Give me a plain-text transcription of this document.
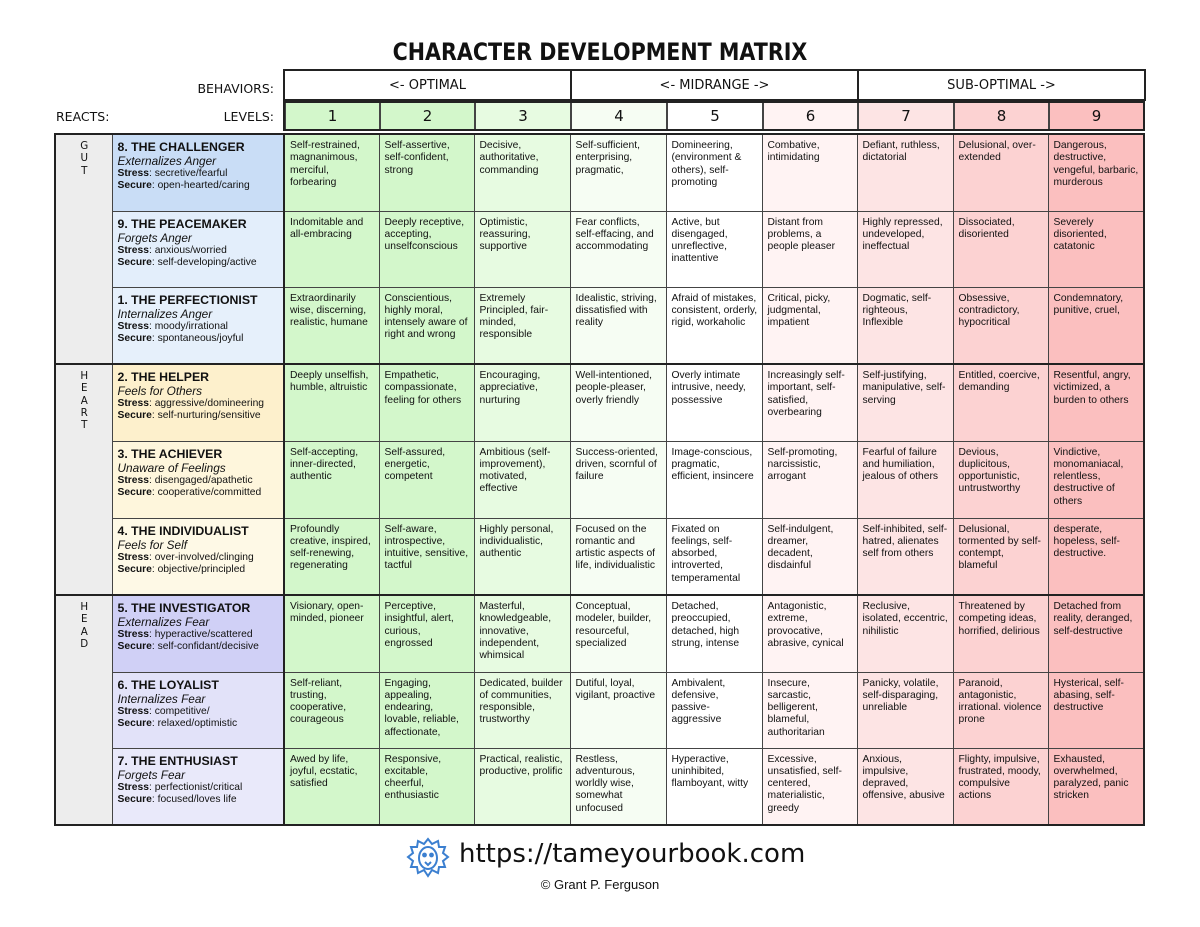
CHARACTER DEVELOPMENT MATRIX
BEHAVIORS:
LEVELS:
REACTS:
<- OPTIMAL	<- MIDRANGE ->	SUB-OPTIMAL ->
1	2	3	4	5	6	7	8	9
G
U
T	8. THE CHALLENGER
Externalizes Anger
Stress: secretive/fearful
Secure: open-hearted/caring	Self-restrained, magnanimous, merciful, forbearing	Self-assertive, self-confident, strong	Decisive, authoritative, commanding	Self-sufficient, enterprising, pragmatic,	Domineering, (environment & others), self-promoting	Combative, intimidating	Defiant, ruthless, dictatorial	Delusional, over-extended	Dangerous, destructive, vengeful, barbaric, murderous

	9. THE PEACEMAKER
Forgets Anger
Stress: anxious/worried
Secure: self-developing/active	Indomitable and all-embracing	Deeply receptive, accepting, unselfconscious	Optimistic, reassuring, supportive	Fear conflicts, self-effacing, and accommodating	Active, but disengaged, unreflective, inattentive	Distant from problems, a people pleaser	Highly repressed, undeveloped, ineffectual	Dissociated, disoriented	Severely disoriented, catatonic

	1. THE PERFECTIONIST
Internalizes Anger
Stress: moody/irrational
Secure: spontaneous/joyful	Extraordinarily wise, discerning, realistic, humane	Conscientious, highly moral, intensely aware of right and wrong	Extremely Principled, fair-minded, responsible	Idealistic, striving, dissatisfied with reality	Afraid of mistakes, consistent, orderly, rigid, workaholic	Critical, picky, judgmental, impatient	Dogmatic, self-righteous, Inflexible	Obsessive, contradictory, hypocritical	Condemnatory, punitive, cruel,

H
E
A
R
T	2. THE HELPER
Feels for Others
Stress: aggressive/domineering
Secure: self-nurturing/sensitive	Deeply unselfish, humble, altruistic	Empathetic, compassionate, feeling for others	Encouraging, appreciative, nurturing	Well-intentioned, people-pleaser, overly friendly	Overly intimate intrusive, needy, possessive	Increasingly self-important, self-satisfied, overbearing	Self-justifying, manipulative, self- serving	Entitled, coercive, demanding	Resentful, angry, victimized, a burden to others

	3. THE ACHIEVER
Unaware of Feelings
Stress: disengaged/apathetic
Secure: cooperative/committed	Self-accepting, inner-directed, authentic	Self-assured, energetic, competent	Ambitious (self-improvement), motivated, effective	Success-oriented, driven, scornful of failure	Image-conscious, pragmatic, efficient, insincere	Self-promoting, narcissistic, arrogant	Fearful of failure and humiliation, jealous of others	Devious, duplicitous, opportunistic, untrustworthy	Vindictive, monomaniacal, relentless, destructive of others

	4. THE INDIVIDUALIST
Feels for Self
Stress: over-involved/clinging
Secure: objective/principled	Profoundly creative, inspired, self-renewing, regenerating	Self-aware, introspective, intuitive, sensitive, tactful	Highly personal, individualistic, authentic	Focused on the romantic and artistic aspects of life, individualistic	Fixated on feelings, self-absorbed, introverted, temperamental	Self-indulgent, dreamer, decadent, disdainful	Self-inhibited, self- hatred, alienates self from others	Delusional, tormented by self- contempt, blameful	desperate, hopeless, self-destructive.

H
E
A
D	5. THE INVESTIGATOR
Externalizes Fear
Stress: hyperactive/scattered
Secure: self-confidant/decisive	Visionary, open-minded, pioneer	Perceptive, insightful, alert, curious, engrossed	Masterful, knowledgeable, innovative, independent, whimsical	Conceptual, modeler, builder, resourceful, specialized	Detached, preoccupied, detached, high strung, intense	Antagonistic, extreme, provocative, abrasive, cynical	Reclusive, isolated, eccentric, nihilistic	Threatened by competing ideas, horrified, delirious	Detached from reality, deranged, self-destructive

	6. THE LOYALIST
Internalizes Fear
Stress: competitive/
Secure: relaxed/optimistic	Self-reliant, trusting, cooperative, courageous	Engaging, appealing, endearing, lovable, reliable, affectionate,	Dedicated, builder of communities, responsible, trustworthy	Dutiful, loyal, vigilant, proactive	Ambivalent, defensive, passive-aggressive	Insecure, sarcastic, belligerent, blameful, authoritarian	Panicky, volatile, self-disparaging, unreliable	Paranoid, antagonistic, irrational. violence prone	Hysterical, self-abasing, self-destructive

	7. THE ENTHUSIAST
Forgets Fear
Stress: perfectionist/critical
Secure: focused/loves life	Awed by life, joyful, ecstatic, satisfied	Responsive, excitable, cheerful, enthusiastic	Practical, realistic, productive, prolific	Restless, adventurous, worldly wise, somewhat unfocused	Hyperactive, uninhibited, flamboyant, witty	Excessive, unsatisfied, self-centered, materialistic, greedy	Anxious, impulsive, depraved, offensive, abusive	Flighty, impulsive, frustrated, moody, compulsive actions	Exhausted, overwhelmed, paralyzed, panic stricken
https://tameyourbook.com
© Grant P. Ferguson
